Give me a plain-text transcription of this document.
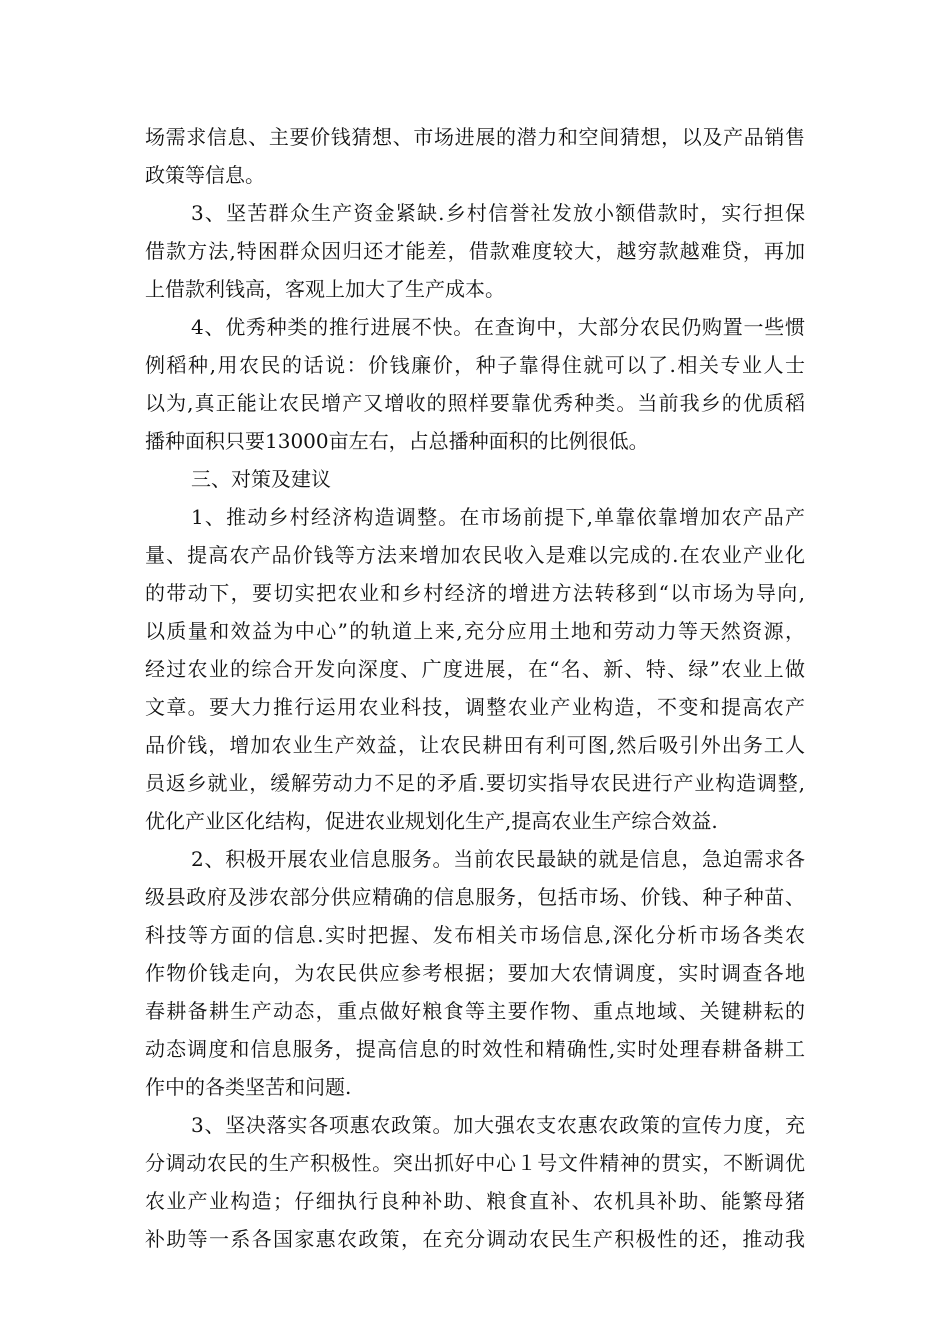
场需求信息、主要价钱猜想、市场进展的潜力和空间猜想，以及产品销售
政策等信息。
3、坚苦群众生产资金紧缺.乡村信誉社发放小额借款时，实行担保
借款方法,特困群众因归还才能差，借款难度较大，越穷款越难贷，再加
上借款利钱高，客观上加大了生产成本。
4、优秀种类的推行进展不快。在查询中，大部分农民仍购置一些惯
例稻种,用农民的话说：价钱廉价，种子靠得住就可以了.相关专业人士
以为,真正能让农民增产又增收的照样要靠优秀种类。当前我乡的优质稻
播种面积只要13000亩左右，占总播种面积的比例很低。
三、对策及建议
1、推动乡村经济构造调整。在市场前提下,单靠依靠增加农产品产
量、提高农产品价钱等方法来增加农民收入是难以完成的.在农业产业化
的带动下，要切实把农业和乡村经济的增进方法转移到“以市场为导向,
以质量和效益为中心”的轨道上来,充分应用土地和劳动力等天然资源，
经过农业的综合开发向深度、广度进展，在“名、新、特、绿”农业上做
文章。要大力推行运用农业科技，调整农业产业构造，不变和提高农产
品价钱，增加农业生产效益，让农民耕田有利可图,然后吸引外出务工人
员返乡就业，缓解劳动力不足的矛盾.要切实指导农民进行产业构造调整,
优化产业区化结构，促进农业规划化生产,提高农业生产综合效益.
2、积极开展农业信息服务。当前农民最缺的就是信息，急迫需求各
级县政府及涉农部分供应精确的信息服务，包括市场、价钱、种子种苗、
科技等方面的信息.实时把握、发布相关市场信息,深化分析市场各类农
作物价钱走向，为农民供应参考根据；要加大农情调度，实时调查各地
春耕备耕生产动态，重点做好粮食等主要作物、重点地域、关键耕耘的
动态调度和信息服务，提高信息的时效性和精确性,实时处理春耕备耕工
作中的各类坚苦和问题.
3、坚决落实各项惠农政策。加大强农支农惠农政策的宣传力度，充
分调动农民的生产积极性。突出抓好中心１号文件精神的贯实，不断调优
农业产业构造；仔细执行良种补助、粮食直补、农机具补助、能繁母猪
补助等一系各国家惠农政策，在充分调动农民生产积极性的还，推动我
